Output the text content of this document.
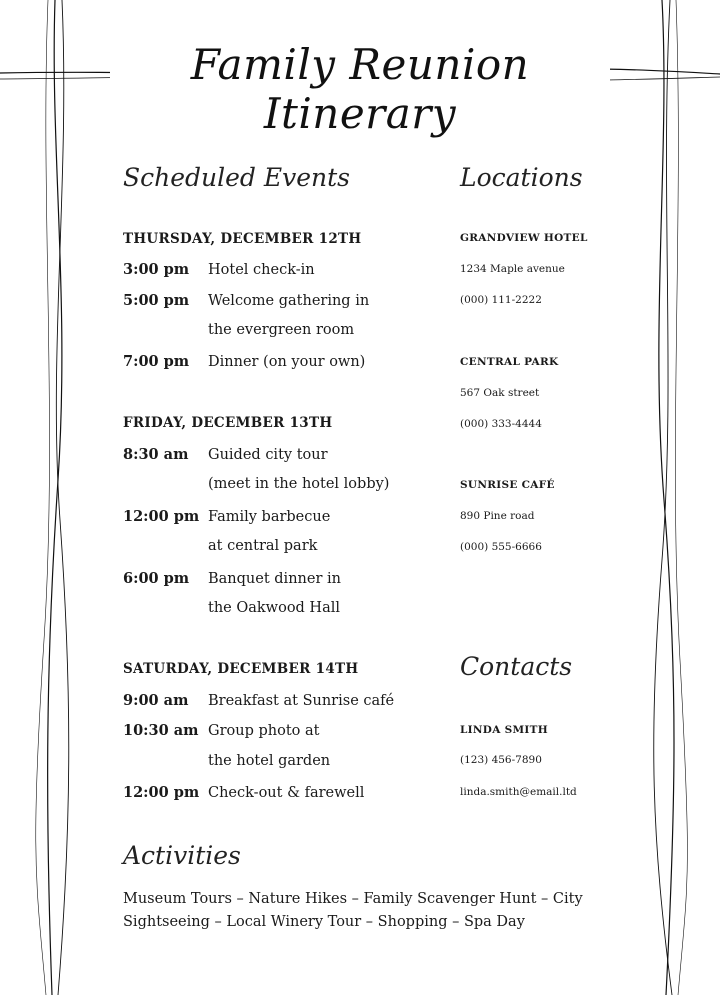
Family Reunion Itinerary
Scheduled Events	Locations
THURSDAY, DECEMBER 12TH
3:00 pm Hotel check-in
5:00 pm Welcome gathering in
the evergreen room
7:00 pm Dinner (on your own)
FRIDAY, DECEMBER 13TH
8:30 am Guided city tour
(meet in the hotel lobby)
12:00 pm Family barbecue
at central park
6:00 pm Banquet dinner in
the Oakwood Hall
SATURDAY, DECEMBER 14TH
9:00 am Breakfast at Sunrise café
10:30 am Group photo at
the hotel garden
12:00 pm Check-out & farewell
GRANDVIEW HOTEL
1234 Maple avenue
(000) 111-2222
CENTRAL PARK
567 Oak street
(000) 333-4444
SUNRISE CAFÉ
890 Pine road
(000) 555-6666
Contacts
LINDA SMITH
(123) 456-7890
linda.smith@email.ltd
Activities
Museum Tours – Nature Hikes – Family Scavenger Hunt – City Sightseeing – Local Winery Tour – Shopping – Spa Day
